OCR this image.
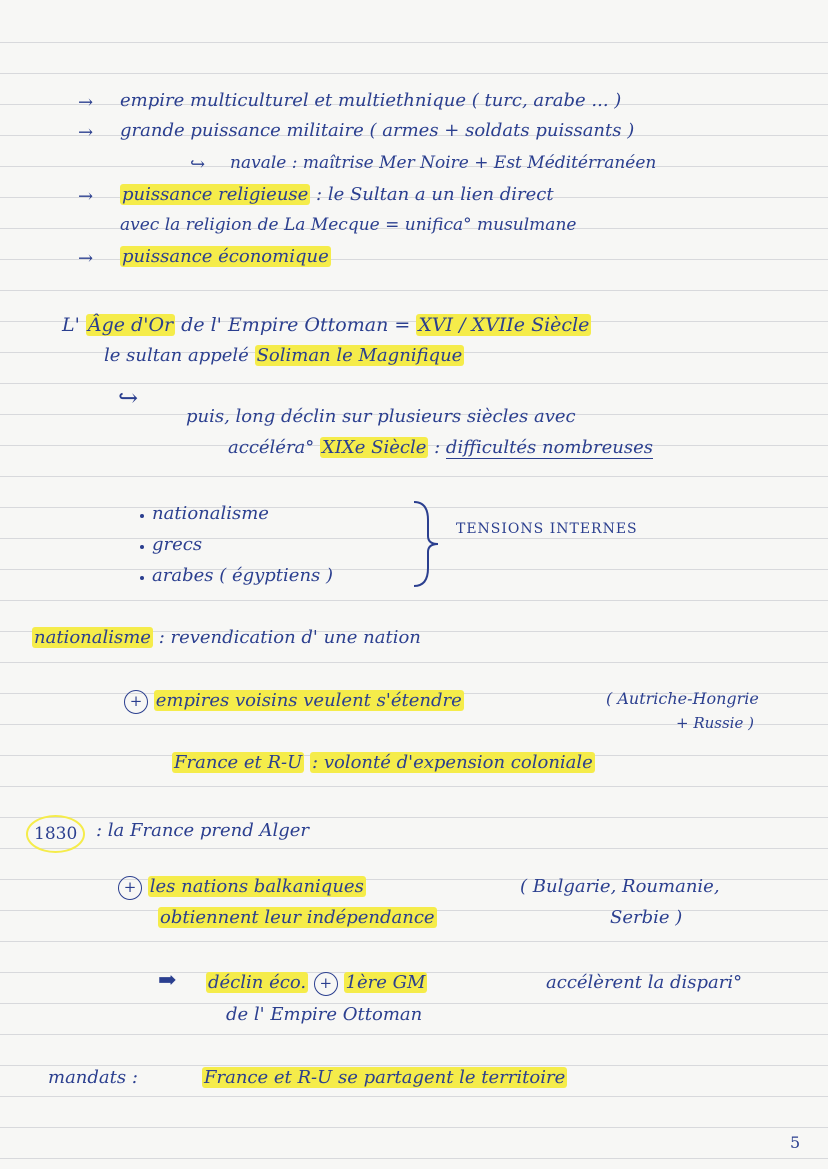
→ empire multiculturel et multiethnique ( turc, arabe ... )
→ grande puissance militaire ( armes + soldats puissants )
↪ navale : maîtrise Mer Noire + Est Méditérranéen
→ puissance religieuse : le Sultan a un lien direct
avec la religion de La Mecque = unifica° musulmane
→ puissance économique
L' Âge d'Or de l' Empire Ottoman = XVI / XVIIe Siècle
le sultan appelé Soliman le Magnifique
↪
puis, long déclin sur plusieurs siècles avec
accéléra° XIXe Siècle : difficultés nombreuses
nationalisme
grecs
arabes ( égyptiens )
TENSIONS INTERNES
nationalisme : revendication d' une nation
+ empires voisins veulent s'étendre	( Autriche-Hongrie
+ Russie )
France et R-U : volonté d'expension coloniale
1830	: la France prend Alger
+ les nations balkaniques	( Bulgarie, Roumanie,
obtiennent leur indépendance	Serbie )
➡ déclin éco. + 1ère GM	accélèrent la dispari°
de l' Empire Ottoman
mandats :	France et R-U se partagent le territoire
5
